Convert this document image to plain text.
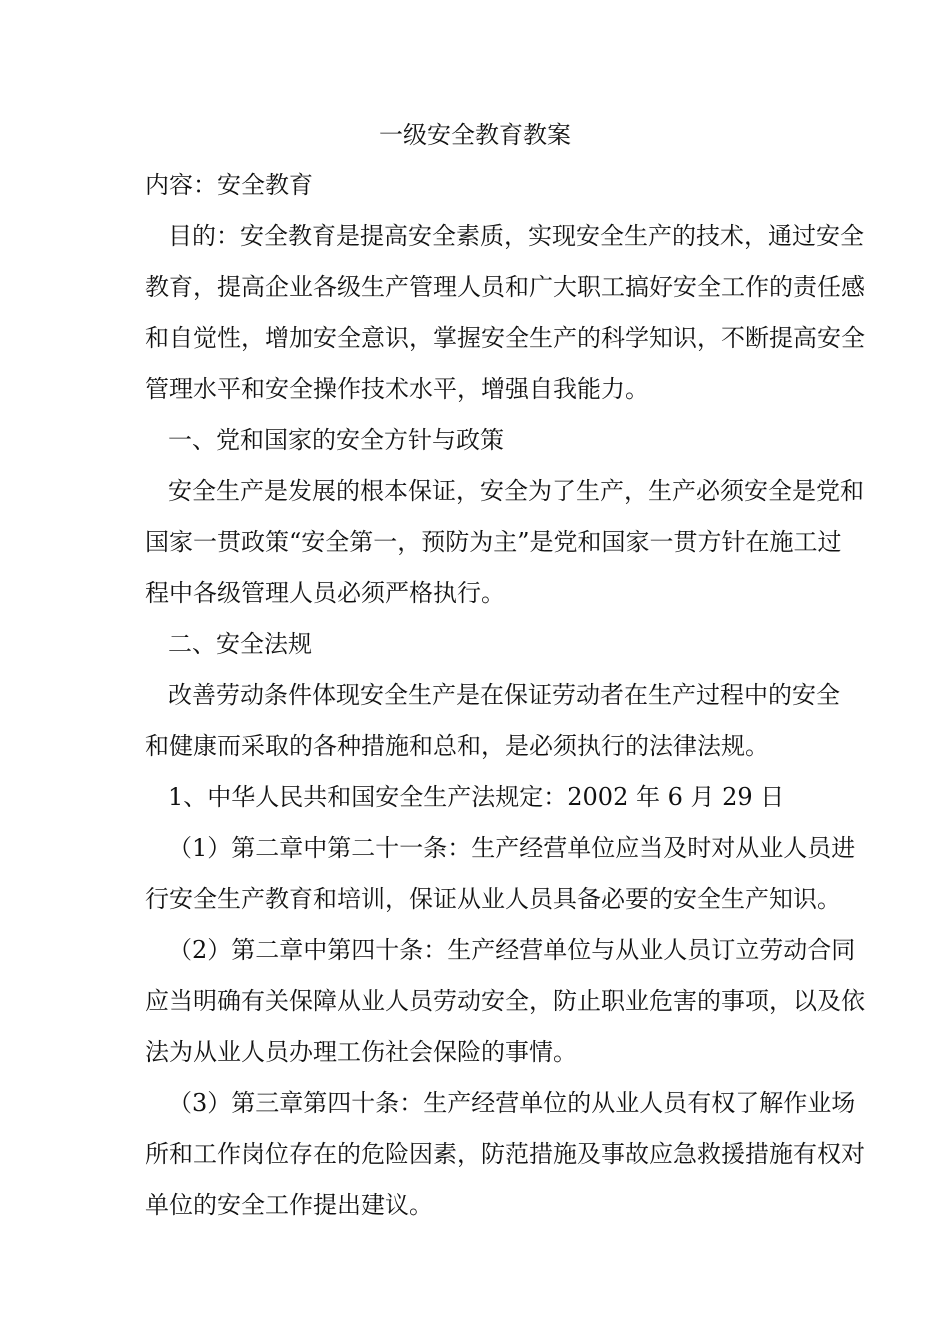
一级安全教育教案
内容：安全教育
目的：安全教育是提高安全素质，实现安全生产的技术，通过安全
教育，提高企业各级生产管理人员和广大职工搞好安全工作的责任感
和自觉性，增加安全意识，掌握安全生产的科学知识，不断提高安全
管理水平和安全操作技术水平，增强自我能力。
一、党和国家的安全方针与政策
安全生产是发展的根本保证，安全为了生产，生产必须安全是党和
国家一贯政策“安全第一，预防为主”是党和国家一贯方针在施工过
程中各级管理人员必须严格执行。
二、安全法规
改善劳动条件体现安全生产是在保证劳动者在生产过程中的安全
和健康而采取的各种措施和总和，是必须执行的法律法规。
1、中华人民共和国安全生产法规定：2002 年 6 月 29 日
（1）第二章中第二十一条：生产经营单位应当及时对从业人员进
行安全生产教育和培训，保证从业人员具备必要的安全生产知识。
（2）第二章中第四十条：生产经营单位与从业人员订立劳动合同
应当明确有关保障从业人员劳动安全，防止职业危害的事项，以及依
法为从业人员办理工伤社会保险的事情。
（3）第三章第四十条：生产经营单位的从业人员有权了解作业场
所和工作岗位存在的危险因素，防范措施及事故应急救援措施有权对
单位的安全工作提出建议。
